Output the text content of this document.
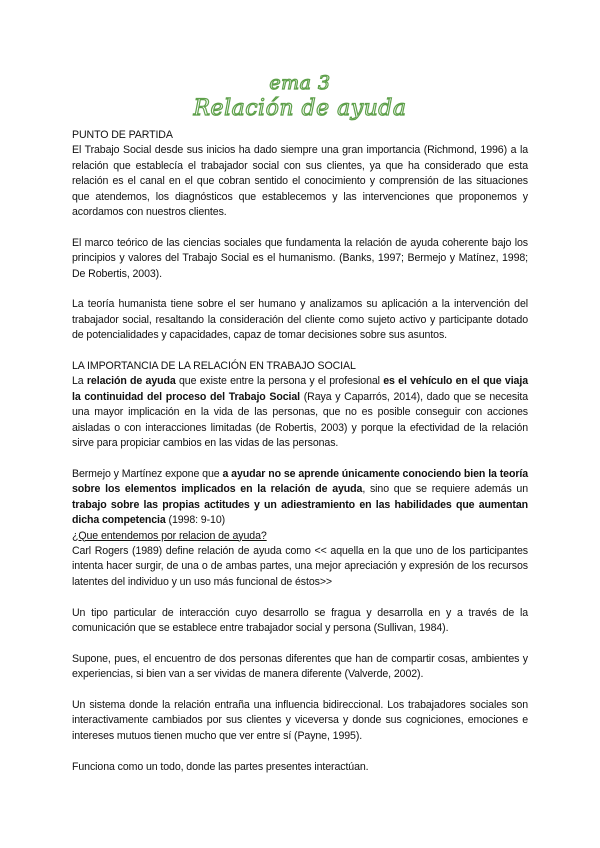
ema 3
Relación de ayuda
PUNTO DE PARTIDA

El Trabajo Social desde sus inicios ha dado siempre una gran importancia (Richmond, 1996) a la relación que establecía el trabajador social con sus clientes, ya que ha considerado que esta relación es el canal en el que cobran sentido el conocimiento y comprensión de las situaciones que atendemos, los diagnósticos que establecemos y las intervenciones que proponemos y acordamos con nuestros clientes.

El marco teórico de las ciencias sociales que fundamenta la relación de ayuda coherente bajo los principios y valores del Trabajo Social es el humanismo. (Banks, 1997; Bermejo y Matínez, 1998; De Robertis, 2003).

La teoría humanista tiene sobre el ser humano y analizamos su aplicación a la intervención del trabajador social, resaltando la consideración del cliente como sujeto activo y participante dotado de potencialidades y capacidades, capaz de tomar decisiones sobre sus asuntos.

LA IMPORTANCIA DE LA RELACIÓN EN TRABAJO SOCIAL

La relación de ayuda que existe entre la persona y el profesional es el vehículo en el que viaja la continuidad del proceso del Trabajo Social (Raya y Caparrós, 2014), dado que se necesita una mayor implicación en la vida de las personas, que no es posible conseguir con acciones aisladas o con interacciones limitadas (de Robertis, 2003) y porque la efectividad de la relación sirve para propiciar cambios en las vidas de las personas.

Bermejo y Martínez expone que a ayudar no se aprende únicamente conociendo bien la teoría sobre los elementos implicados en la relación de ayuda, sino que se requiere además un trabajo sobre las propias actitudes y un adiestramiento en las habilidades que aumentan dicha competencia (1998: 9-10)

¿Que entendemos por relacion de ayuda?

Carl Rogers (1989) define relación de ayuda como << aquella en la que uno de los participantes intenta hacer surgir, de una o de ambas partes, una mejor apreciación y expresión de los recursos latentes del individuo y un uso más funcional de éstos>>

Un tipo particular de interacción cuyo desarrollo se fragua y desarrolla en y a través de la comunicación que se establece entre trabajador social y persona (Sullivan, 1984).

Supone, pues, el encuentro de dos personas diferentes que han de compartir cosas, ambientes y experiencias, si bien van a ser vividas de manera diferente (Valverde, 2002).

Un sistema donde la relación entraña una influencia bidireccional. Los trabajadores sociales son interactivamente cambiados por sus clientes y viceversa y donde sus cogniciones, emociones e intereses mutuos tienen mucho que ver entre sí (Payne, 1995).

Funciona como un todo, donde las partes presentes interactúan.
